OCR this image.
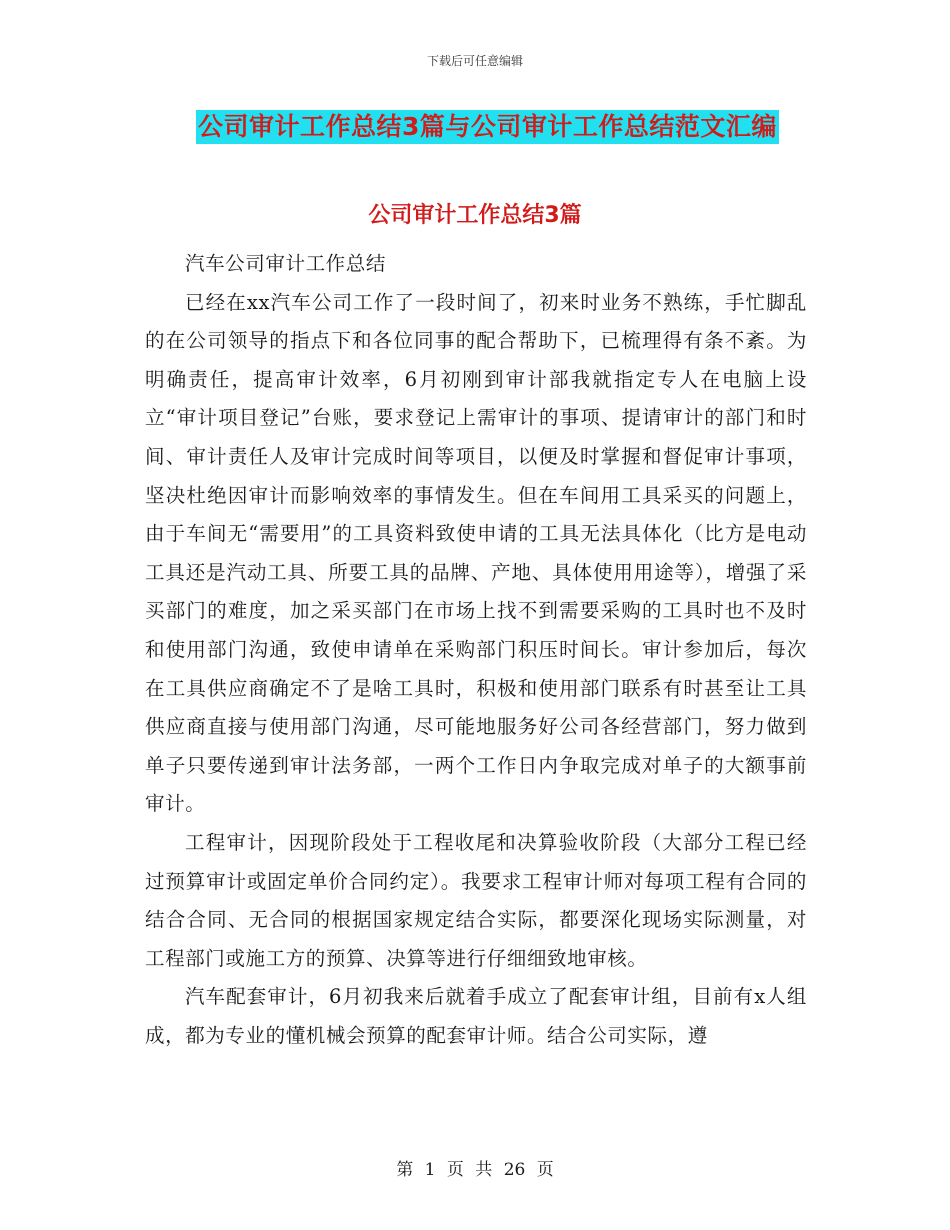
下载后可任意编辑
公司审计工作总结3篇与公司审计工作总结范文汇编
公司审计工作总结3篇

汽车公司审计工作总结

已经在xx汽车公司工作了一段时间了，初来时业务不熟练，手忙脚乱的在公司领导的指点下和各位同事的配合帮助下，已梳理得有条不紊。为明确责任，提高审计效率，6月初刚到审计部我就指定专人在电脑上设立“审计项目登记”台账，要求登记上需审计的事项、提请审计的部门和时间、审计责任人及审计完成时间等项目，以便及时掌握和督促审计事项，坚决杜绝因审计而影响效率的事情发生。但在车间用工具采买的问题上，由于车间无“需要用”的工具资料致使申请的工具无法具体化（比方是电动工具还是汽动工具、所要工具的品牌、产地、具体使用用途等），增强了采买部门的难度，加之采买部门在市场上找不到需要采购的工具时也不及时和使用部门沟通，致使申请单在采购部门积压时间长。审计参加后，每次在工具供应商确定不了是啥工具时，积极和使用部门联系有时甚至让工具供应商直接与使用部门沟通，尽可能地服务好公司各经营部门，努力做到单子只要传递到审计法务部，一两个工作日内争取完成对单子的大额事前审计。

工程审计，因现阶段处于工程收尾和决算验收阶段（大部分工程已经过预算审计或固定单价合同约定）。我要求工程审计师对每项工程有合同的结合合同、无合同的根据国家规定结合实际，都要深化现场实际测量，对工程部门或施工方的预算、决算等进行仔细细致地审核。

汽车配套审计，6月初我来后就着手成立了配套审计组，目前有x人组成，都为专业的懂机械会预算的配套审计师。结合公司实际，遵

第 1 页 共 26 页
